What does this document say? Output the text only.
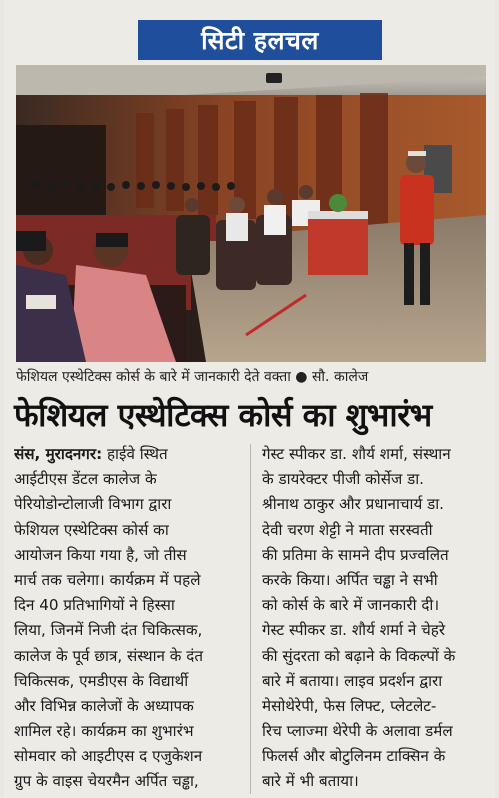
सिटी हलचल
फेशियल एस्थेटिक्स कोर्स के बारे में जानकारी देते वक्ता ● सौ. कालेज
फेशियल एस्थेटिक्स कोर्स का शुभारंभ
संस, मुरादनगर: हाईवे स्थित
आईटीएस डेंटल कालेज के
पेरियोडोन्टोलाजी विभाग द्वारा
फेशियल एस्थेटिक्स कोर्स का
आयोजन किया गया है, जो तीस
मार्च तक चलेगा। कार्यक्रम में पहले
दिन 40 प्रतिभागियों ने हिस्सा
लिया, जिनमें निजी दंत चिकित्सक,
कालेज के पूर्व छात्र, संस्थान के दंत
चिकित्सक, एमडीएस के विद्यार्थी
और विभिन्न कालेजों के अध्यापक
शामिल रहे। कार्यक्रम का शुभारंभ
सोमवार को आइटीएस द एजुकेशन
ग्रुप के वाइस चेयरमैन अर्पित चड्ढा,
गेस्ट स्पीकर डा. शौर्य शर्मा, संस्थान
के डायरेक्टर पीजी कोर्सेज डा.
श्रीनाथ ठाकुर और प्रधानाचार्य डा.
देवी चरण शेट्टी ने माता सरस्वती
की प्रतिमा के सामने दीप प्रज्वलित
करके किया। अर्पित चड्ढा ने सभी
को कोर्स के बारे में जानकारी दी।
गेस्ट स्पीकर डा. शौर्य शर्मा ने चेहरे
की सुंदरता को बढ़ाने के विकल्पों के
बारे में बताया। लाइव प्रदर्शन द्वारा
मेसोथेरेपी, फेस लिफ्ट, प्लेटलेट-
रिच प्लाज्मा थेरेपी के अलावा डर्मल
फिलर्स और बोटुलिनम टाक्सिन के
बारे में भी बताया।
